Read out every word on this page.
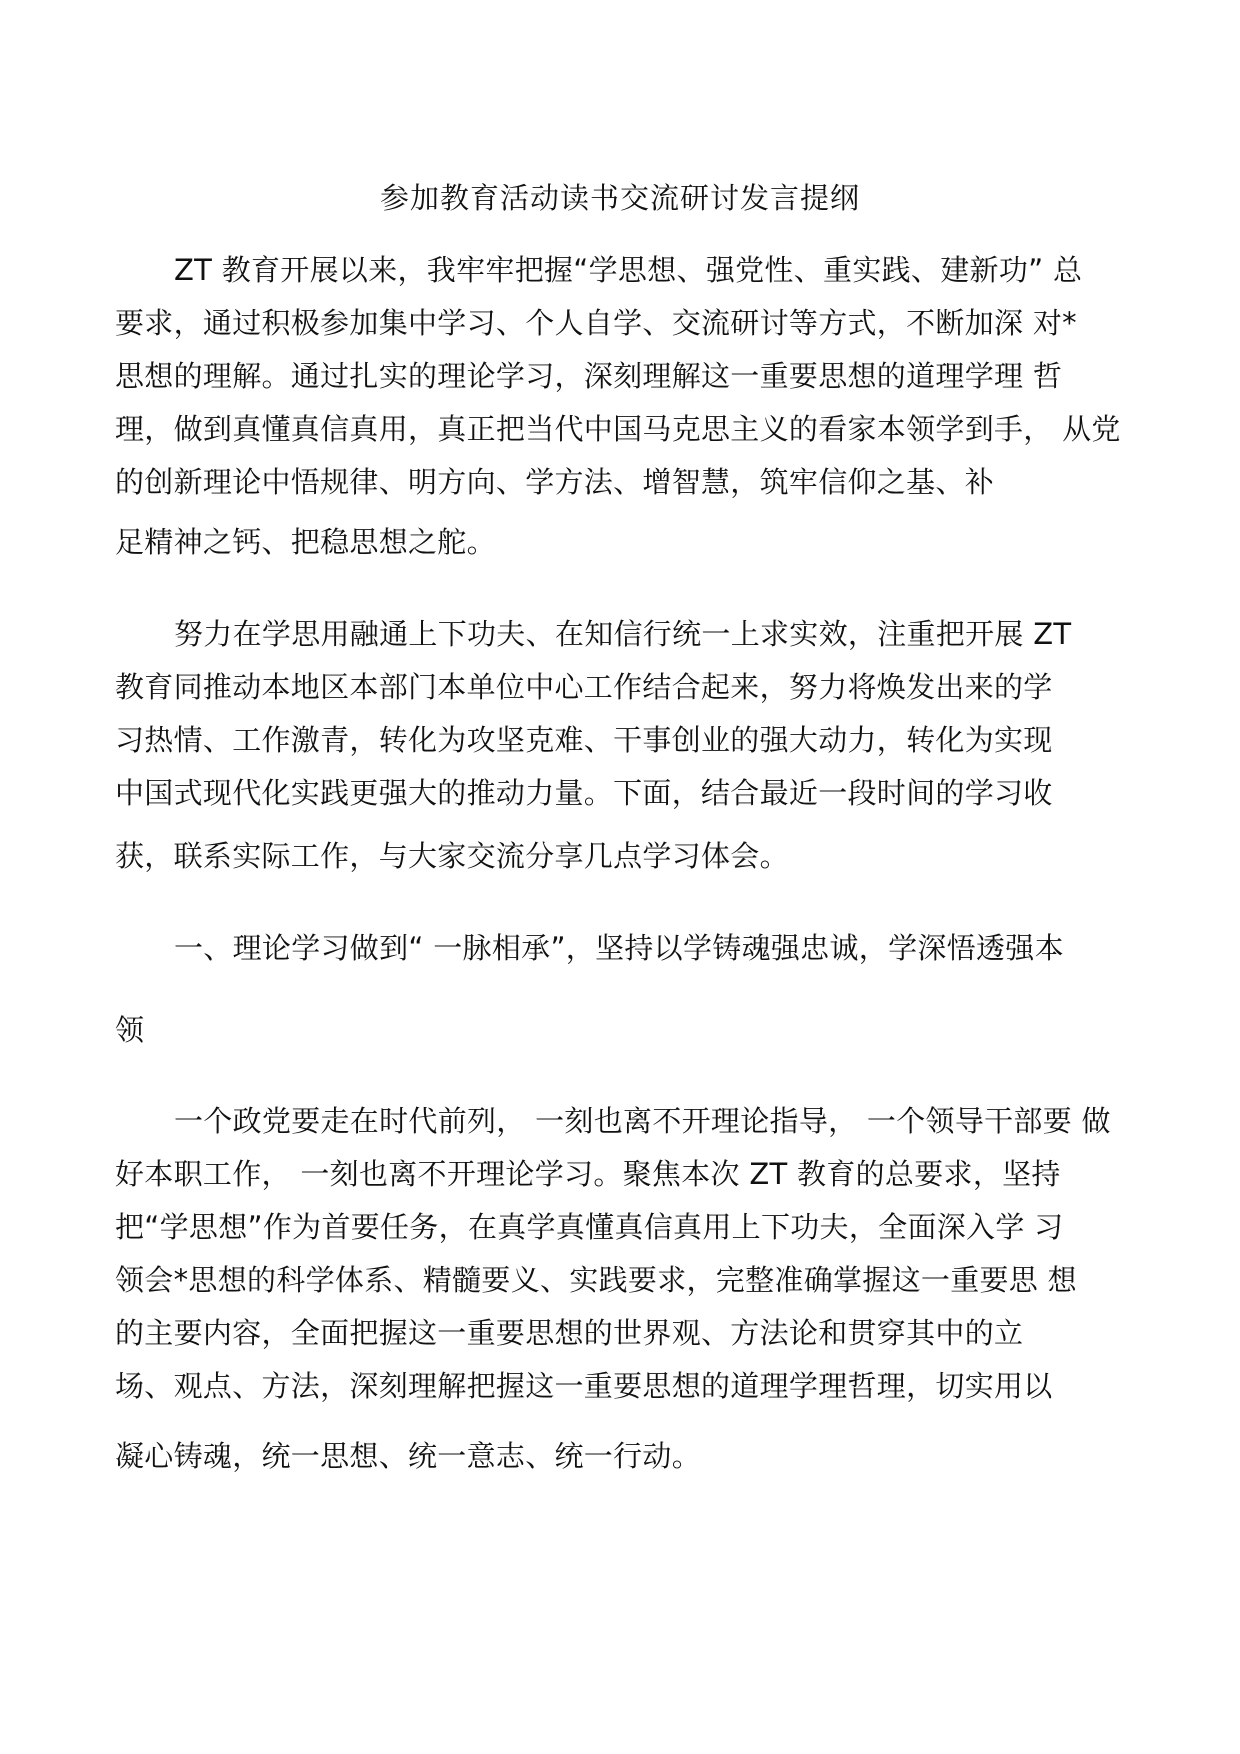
参加教育活动读书交流研讨发言提纲
ZT 教育开展以来，我牢牢把握“学思想、强党性、重实践、建新功” 总
要求，通过积极参加集中学习、个人自学、交流研讨等方式，不断加深 对*
思想的理解。通过扎实的理论学习，深刻理解这一重要思想的道理学理 哲
理，做到真懂真信真用，真正把当代中国马克思主义的看家本领学到手， 从党
的创新理论中悟规律、明方向、学方法、增智慧，筑牢信仰之基、补
足精神之钙、把稳思想之舵。
努力在学思用融通上下功夫、在知信行统一上求实效，注重把开展 ZT
教育同推动本地区本部门本单位中心工作结合起来，努力将焕发出来的学
习热情、工作激青，转化为攻坚克难、干事创业的强大动力，转化为实现
中国式现代化实践更强大的推动力量。下面，结合最近一段时间的学习收
获，联系实际工作，与大家交流分享几点学习体会。
一、理论学习做到“ 一脉相承”，坚持以学铸魂强忠诚，学深悟透强本
领
一个政党要走在时代前列， 一刻也离不开理论指导， 一个领导干部要 做
好本职工作， 一刻也离不开理论学习。聚焦本次 ZT 教育的总要求，坚持
把“学思想”作为首要任务，在真学真懂真信真用上下功夫，全面深入学 习
领会*思想的科学体系、精髓要义、实践要求，完整准确掌握这一重要思 想
的主要内容，全面把握这一重要思想的世界观、方法论和贯穿其中的立
场、观点、方法，深刻理解把握这一重要思想的道理学理哲理，切实用以
凝心铸魂，统一思想、统一意志、统一行动。
